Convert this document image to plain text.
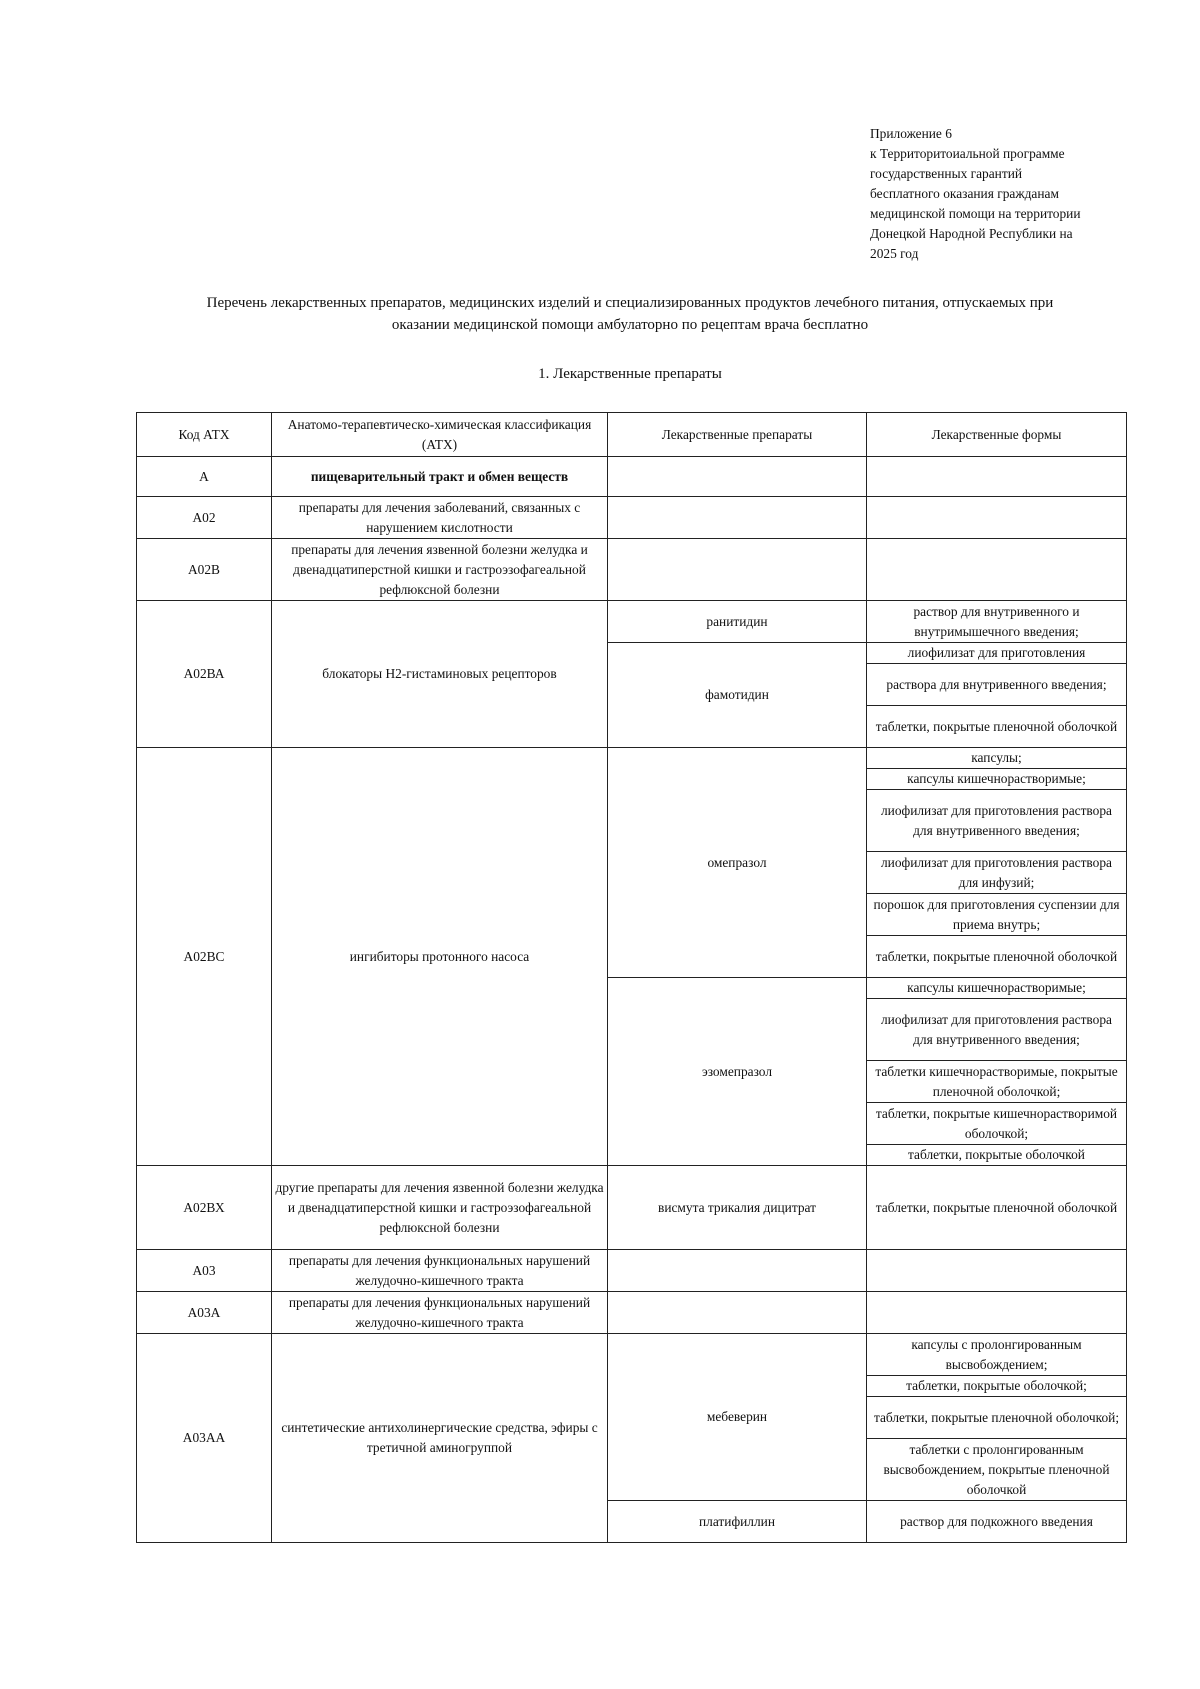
Приложение 6
к Территоритоиальной программе
государственных гарантий
бесплатного оказания гражданам
медицинской помощи на территории
Донецкой Народной Республики на
2025 год
Перечень лекарственных препаратов, медицинских изделий и специализированных продуктов лечебного питания, отпускаемых при
оказании медицинской помощи амбулаторно по рецептам врача бесплатно
1. Лекарственные препараты
Код АТХ	Анатомо-терапевтическо-химическая классификация (АТХ)	Лекарственные препараты	Лекарственные формы
А	пищеварительный тракт и обмен веществ		
А02	препараты для лечения заболеваний, связанных с нарушением кислотности		
А02В	препараты для лечения язвенной болезни желудка и двенадцатиперстной кишки и гастроэзофагеальной рефлюксной болезни		
А02ВА	блокаторы Н2-гистаминовых рецепторов	ранитидин	раствор для внутривенного и внутримышечного введения;
		фамотидин	лиофилизат для приготовления
			раствора для внутривенного введения;
			таблетки, покрытые пленочной оболочкой
А02ВС	ингибиторы протонного насоса	омепразол	капсулы;
			капсулы кишечнорастворимые;
			лиофилизат для приготовления раствора для внутривенного введения;
			лиофилизат для приготовления раствора для инфузий;
			порошок для приготовления суспензии для приема внутрь;
			таблетки, покрытые пленочной оболочкой
		эзомепразол	капсулы кишечнорастворимые;
			лиофилизат для приготовления раствора для внутривенного введения;
			таблетки кишечнорастворимые, покрытые пленочной оболочкой;
			таблетки, покрытые кишечнорастворимой оболочкой;
			таблетки, покрытые оболочкой
А02ВХ	другие препараты для лечения язвенной болезни желудка и двенадцатиперстной кишки и гастроэзофагеальной рефлюксной болезни	висмута трикалия дицитрат	таблетки, покрытые пленочной оболочкой
А03	препараты для лечения функциональных нарушений желудочно-кишечного тракта		
А03А	препараты для лечения функциональных нарушений желудочно-кишечного тракта		
А03АА	синтетические антихолинергические средства, эфиры с третичной аминогруппой	мебеверин	капсулы с пролонгированным высвобождением;
			таблетки, покрытые оболочкой;
			таблетки, покрытые пленочной оболочкой;
			таблетки с пролонгированным высвобождением, покрытые пленочной оболочкой
		платифиллин	раствор для подкожного введения
